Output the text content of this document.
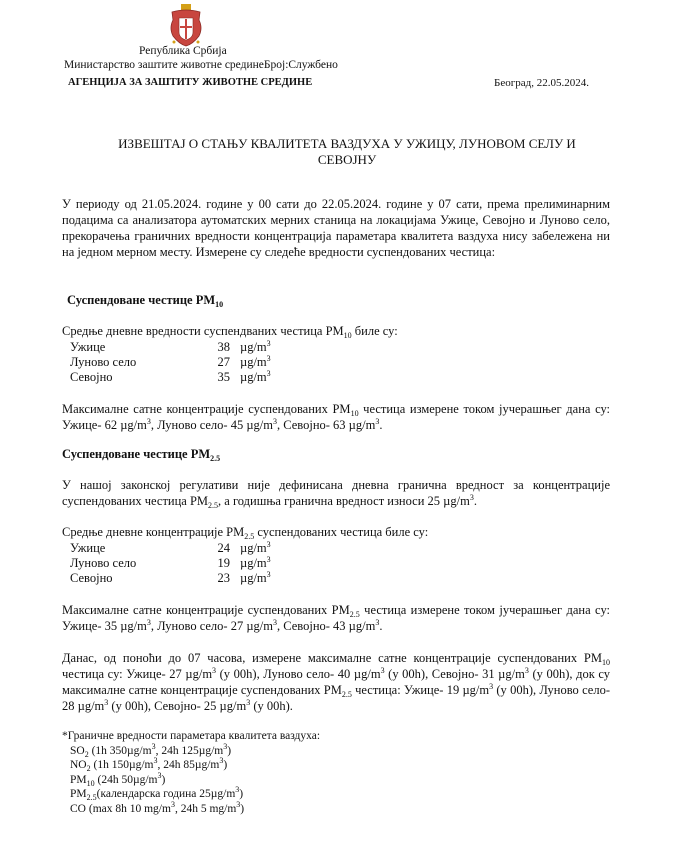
Република Србија
Министарство заштите животне срединеБрој:Службено
АГЕНЦИЈА ЗА ЗАШТИТУ ЖИВОТНЕ СРЕДИНЕ	Београд, 22.05.2024.
ИЗВЕШТАЈ О СТАЊУ КВАЛИТЕТА ВАЗДУХА У УЖИЦУ, ЛУНОВОМ СЕЛУ И
СЕВОЈНУ
У периоду од 21.05.2024. године у 00 сати до 22.05.2024. године у 07 сати, према прелиминарним подацима са анализатора аутоматских мерних станица на локацијама Ужице, Севојно и Луново село, прекорачења граничних вредности концентрација параметара квалитета ваздуха нису забележена ни на једном мерном месту. Измерене су следеће вредности суспендованих честица:
Суспендоване честице $PM_{10}$
Средње дневне вредности суспендваних честица $PM_{10}$ биле су:
Ужице	38 $\mu g/m^3$
Луново село	27 $\mu g/m^3$
Севојно	35 $\mu g/m^3$
Максималне сатне концентрације суспендованих $PM_{10}$ честица измерене током јучерашњег дана су: Ужице- 62 $\mu g/m^3$, Луново село- 45 $\mu g/m^3$, Севојно- 63 $\mu g/m^3$.
Суспендоване честице $PM_{2.5}$
У нашој законској регулативи није дефинисана дневна гранична вредност за концентрације суспендованих честица $PM_{2.5}$, а годишња гранична вредност износи 25 $\mu g/m^3$.
Средње дневне концентрације $PM_{2.5}$ суспендованих честица биле су:
Ужице	24 $\mu g/m^3$
Луново село	19 $\mu g/m^3$
Севојно	23 $\mu g/m^3$
Максималне сатне концентрације суспендованих $PM_{2.5}$ честица измерене током јучерашњег дана су: Ужице- 35 $\mu g/m^3$, Луново село- 27 $\mu g/m^3$, Севојно- 43 $\mu g/m^3$.
Данас, од поноћи до 07 часова, измерене максималне сатне концентрације суспендованих $PM_{10}$ честица су: Ужице- 27 $\mu g/m^3$ (у 00h), Луново село- 40 $\mu g/m^3$ (у 00h), Севојно- 31 $\mu g/m^3$ (у 00h), док су максималне сатне концентрације суспендованих $PM_{2.5}$ честица: Ужице- 19 $\mu g/m^3$ (у 00h), Луново село- 28 $\mu g/m^3$ (у 00h), Севојно- 25 $\mu g/m^3$ (у 00h).
*Граничне вредности параметара квалитета ваздуха:
$SO_2$ (1h $350\mu g/m^3$, 24h $125\mu g/m^3$)
$NO_2$ (1h $150\mu g/m^3$, 24h $85\mu g/m^3$)
$PM_{10}$ (24h $50\mu g/m^3$)
$PM_{2.5}(календарска$ година $25\mu g/m^3$)
CO (max 8h 10 $mg/m^3$, 24h 5 $mg/m^3$)
